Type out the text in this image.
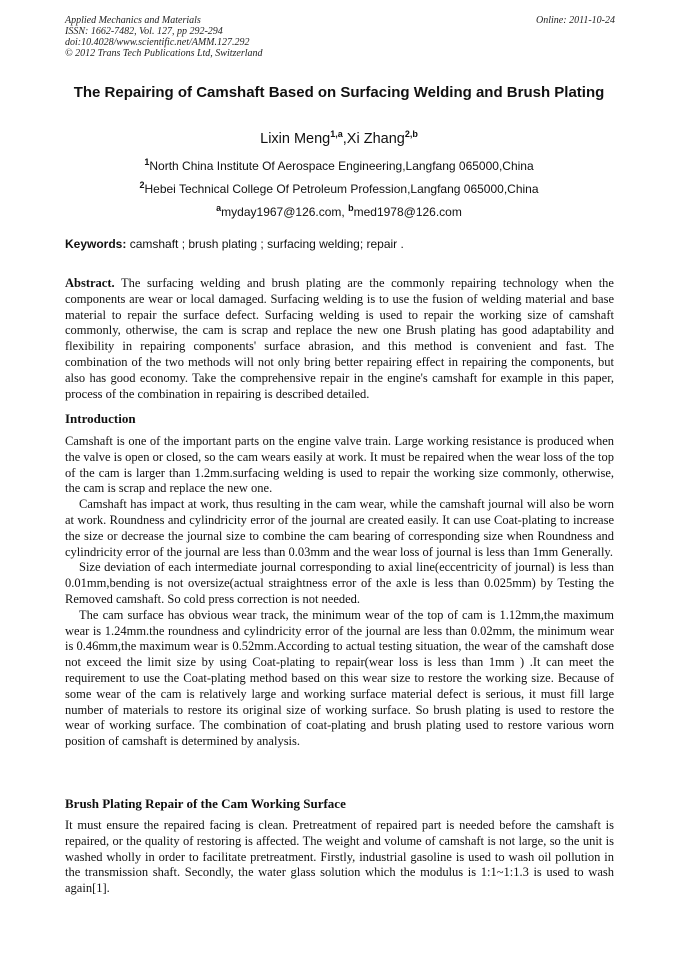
Applied Mechanics and Materials
ISSN: 1662-7482, Vol. 127, pp 292-294
doi:10.4028/www.scientific.net/AMM.127.292
© 2012 Trans Tech Publications Ltd, Switzerland
Online: 2011-10-24
The Repairing of Camshaft Based on Surfacing Welding and Brush Plating
Lixin Meng$^{1,a}$,Xi Zhang$^{2,b}$
$^1$North China Institute Of Aerospace Engineering,Langfang 065000,China
$^2$Hebei Technical College Of Petroleum Profession,Langfang 065000,China
$^a$myday1967@126.com, $^b$med1978@126.com
Keywords: camshaft ; brush plating ; surfacing welding; repair .

Abstract. The surfacing welding and brush plating are the commonly repairing technology when the components are wear or local damaged. Surfacing welding is to use the fusion of welding material and base material to repair the surface defect. Surfacing welding is used to repair the working size of camshaft commonly, otherwise, the cam is scrap and replace the new one Brush plating has good adaptability and flexibility in repairing components' surface abrasion, and this method is convenient and fast. The combination of the two methods will not only bring better repairing effect in repairing the components, but also has good economy. Take the comprehensive repair in the engine's camshaft for example in this paper, process of the combination in repairing is described detailed.

Introduction

Camshaft is one of the important parts on the engine valve train. Large working resistance is produced when the valve is open or closed, so the cam wears easily at work. It must be repaired when the wear loss of the top of the cam is larger than 1.2mm.surfacing welding is used to repair the working size commonly, otherwise, the cam is scrap and replace the new one.

Camshaft has impact at work, thus resulting in the cam wear, while the camshaft journal will also be worn at work. Roundness and cylindricity error of the journal are created easily. It can use Coat-plating to increase the size or decrease the journal size to combine the cam bearing of corresponding size when Roundness and cylindricity error of the journal are less than 0.03mm and the wear loss of journal is less than 1mm Generally.

Size deviation of each intermediate journal corresponding to axial line(eccentricity of journal) is less than 0.01mm,bending is not oversize(actual straightness error of the axle is less than 0.025mm) by Testing the Removed camshaft. So cold press correction is not needed.

The cam surface has obvious wear track, the minimum wear of the top of cam is 1.12mm,the maximum wear is 1.24mm.the roundness and cylindricity error of the journal are less than 0.02mm, the minimum wear is 0.46mm,the maximum wear is 0.52mm.According to actual testing situation, the wear of the camshaft dose not exceed the limit size by using Coat-plating to repair(wear loss is less than 1mm ) .It can meet the requirement to use the Coat-plating method based on this wear size to restore the working size. Because of some wear of the cam is relatively large and working surface material defect is serious, it must fill large number of materials to restore its original size of working surface. So brush plating is used to restore the wear of working surface. The combination of coat-plating and brush plating used to restore various worn position of camshaft is determined by analysis.

Brush Plating Repair of the Cam Working Surface

It must ensure the repaired facing is clean. Pretreatment of repaired part is needed before the camshaft is repaired, or the quality of restoring is affected. The weight and volume of camshaft is not large, so the unit is washed wholly in order to facilitate pretreatment. Firstly, industrial gasoline is used to wash oil pollution in the transmission shaft. Secondly, the water glass solution which the modulus is 1:1~1:1.3 is used to wash again[1].
